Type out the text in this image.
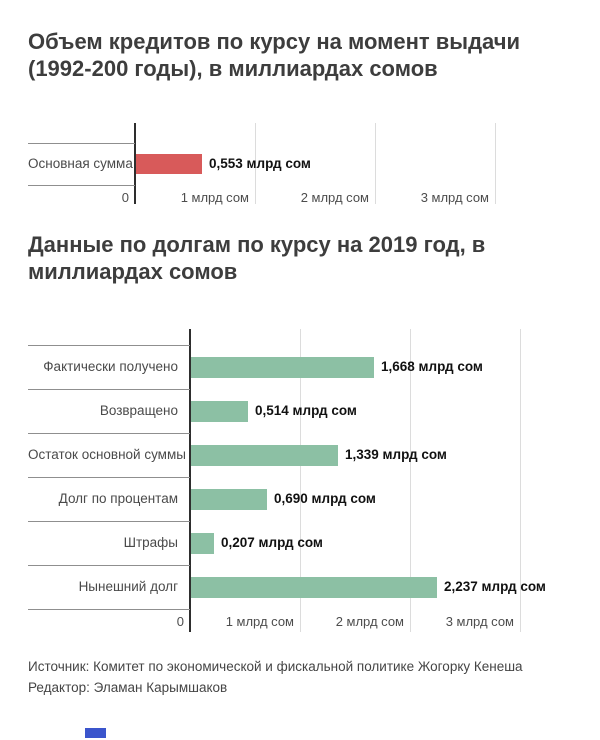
Объем кредитов по курсу на момент выдачи (1992-200 годы), в миллиардах сомов
Основная сумма	0,553 млрд сом
0	1 млрд сом	2 млрд сом	3 млрд сом
Данные по долгам по курсу на 2019 год, в миллиардах сомов
Фактически получено	1,668 млрд сом
Возвращено	0,514 млрд сом
Остаток основной суммы	1,339 млрд сом
Долг по процентам	0,690 млрд сом
Штрафы	0,207 млрд сом
Нынешний долг	2,237 млрд сом
0	1 млрд сом	2 млрд сом	3 млрд сом
Источник: Комитет по экономической и фискальной политике Жогорку Кенеша
Редактор: Эламан Карымшаков
